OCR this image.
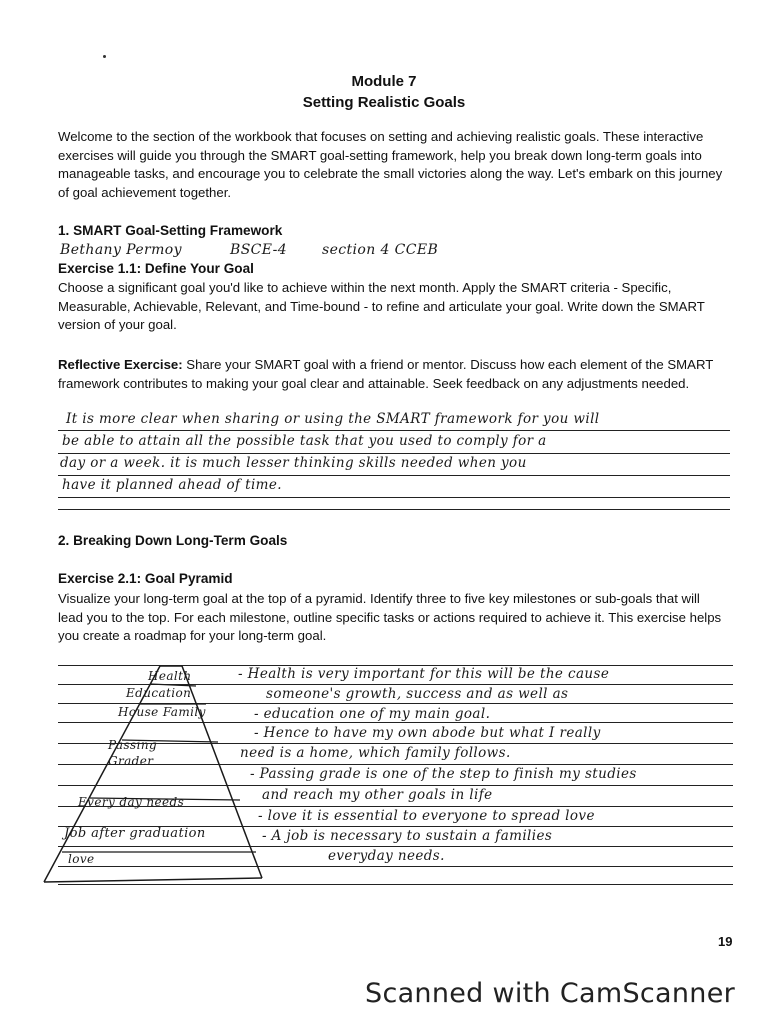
Module 7
Setting Realistic Goals
Welcome to the section of the workbook that focuses on setting and achieving realistic goals. These interactive exercises will guide you through the SMART goal-setting framework, help you break down long-term goals into manageable tasks, and encourage you to celebrate the small victories along the way. Let's embark on this journey of goal achievement together.
1. SMART Goal-Setting Framework
Bethany Permoy	BSCE-4 section 4 CCEB
Exercise 1.1: Define Your Goal
Choose a significant goal you'd like to achieve within the next month. Apply the SMART criteria - Specific, Measurable, Achievable, Relevant, and Time-bound - to refine and articulate your goal. Write down the SMART version of your goal.
Reflective Exercise: Share your SMART goal with a friend or mentor. Discuss how each element of the SMART framework contributes to making your goal clear and attainable. Seek feedback on any adjustments needed.
It is more clear when sharing or using the SMART framework for you will
be able to attain all the possible task that you used to comply for a
day or a week. it is much lesser thinking skills needed when you
have it planned ahead of time.
2. Breaking Down Long-Term Goals
Exercise 2.1: Goal Pyramid
Visualize your long-term goal at the top of a pyramid. Identify three to five key milestones or sub-goals that will lead you to the top. For each milestone, outline specific tasks or actions required to achieve it. This exercise helps you create a roadmap for your long-term goal.
Health
Education
House Family
Passing Grader
Every day needs
Job after graduation
love
- Health is very important for this will be the cause
someone's growth, success and as well as
- education one of my main goal.
- Hence to have my own abode but what I really
need is a home, which family follows.
- Passing grade is one of the step to finish my studies
and reach my other goals in life
- love it is essential to everyone to spread love
- A job is necessary to sustain a families
everyday needs.
19
Scanned with CamScanner
